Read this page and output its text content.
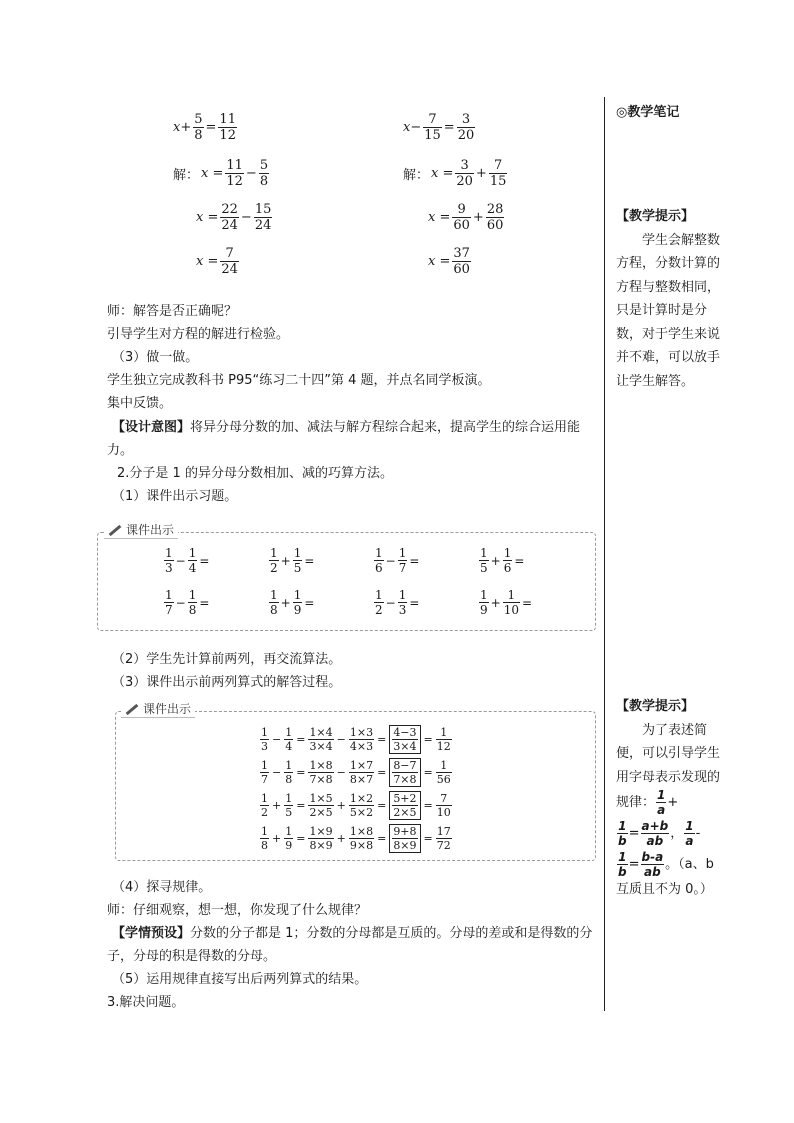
$x+ \frac{5}{8} = \frac{11}{12}$
解： $x = \frac{11}{12} - \frac{5}{8}$
$x = \frac{22}{24} - \frac{15}{24}$
$x = \frac{7}{24}$
$x- \frac{7}{15} = \frac{3}{20}$
解： $x = \frac{3}{20} + \frac{7}{15}$
$x = \frac{9}{60} + \frac{28}{60}$
$x = \frac{37}{60}$
师：解答是否正确呢？
引导学生对方程的解进行检验。
（3）做一做。
学生独立完成教科书 P95“练习二十四”第 4 题，并点名同学板演。
集中反馈。
【设计意图】将异分母分数的加、减法与解方程综合起来，提高学生的综合运用能力。
2.分子是 1 的异分母分数相加、减的巧算方法。
（1）课件出示习题。
课件出示
$\frac{1}{3} - \frac{1}{4}$ =	$\frac{1}{2} + \frac{1}{5}$ =	$\frac{1}{6} - \frac{1}{7}$ =	$\frac{1}{5} + \frac{1}{6}$ =
$\frac{1}{7} - \frac{1}{8}$ =	$\frac{1}{8} + \frac{1}{9}$ =	$\frac{1}{2} - \frac{1}{3}$ =	$\frac{1}{9} + \frac{1}{10}$ =
（2）学生先计算前两列，再交流算法。
（3）课件出示前两列算式的解答过程。
课件出示
$\frac{1}{3} - \frac{1}{4} = \frac{1\times 4}{3\times 4} - \frac{1\times 3}{4\times 3} = \frac{4-3}{3\times 4} = \frac{1}{12}$
$\frac{1}{7} - \frac{1}{8} = \frac{1\times 8}{7\times 8} - \frac{1\times 7}{8\times 7} = \frac{8-7}{7\times 8} = \frac{1}{56}$
$\frac{1}{2} + \frac{1}{5} = \frac{1\times 5}{2\times 5} + \frac{1\times 2}{5\times 2} = \frac{5+2}{2\times 5} = \frac{7}{10}$
$\frac{1}{8} + \frac{1}{9} = \frac{1\times 9}{8\times 9} + \frac{1\times 8}{9\times 8} = \frac{9+8}{8\times 9} = \frac{17}{72}$
（4）探寻规律。
师：仔细观察，想一想，你发现了什么规律？
【学情预设】分数的分子都是 1；分数的分母都是互质的。分母的差或和是得数的分子，分母的积是得数的分母。
（5）运用规律直接写出后两列算式的结果。
3.解决问题。
◎教学笔记
【教学提示】
　　学生会解整数方程，分数计算的方程与整数相同，只是计算时是分数，对于学生来说并不难，可以放手让学生解答。
【教学提示】
　　为了表述简便，可以引导学生用字母表示发现的规律： $\frac{1}{a}$ +
$\frac{1}{b} = \frac{a+b}{ab}$ ， $\frac{1}{a}$ -
$\frac{1}{b} = \frac{b-a}{ab}$ 。（a、b 互质且不为 0。）
